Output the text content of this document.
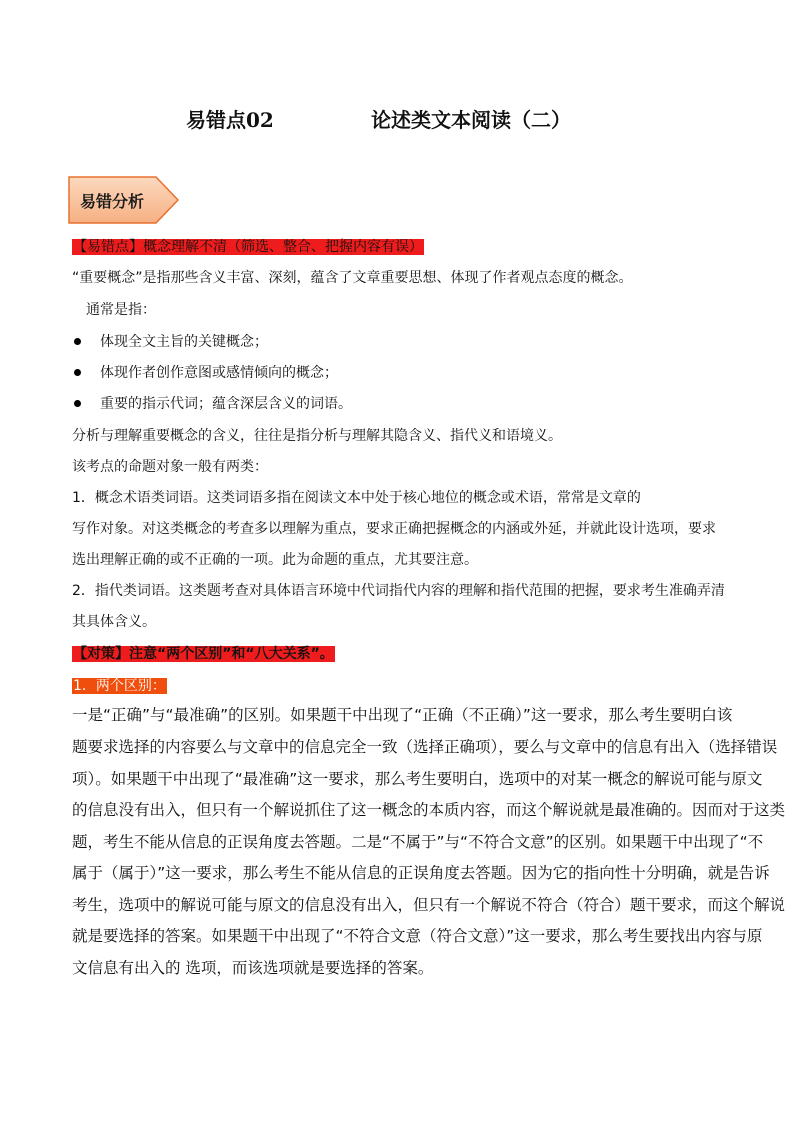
易错点02	论述类文本阅读（二）
易错分析
【易错点】概念理解不清（筛选、整合、把握内容有误）
“重要概念”是指那些含义丰富、深刻，蕴含了文章重要思想、体现了作者观点态度的概念。
通常是指：
体现全文主旨的关键概念；
体现作者创作意图或感情倾向的概念；
重要的指示代词；蕴含深层含义的词语。
分析与理解重要概念的含义，往往是指分析与理解其隐含义、指代义和语境义。
该考点的命题对象一般有两类：
1．概念术语类词语。这类词语多指在阅读文本中处于核心地位的概念或术语，常常是文章的
写作对象。对这类概念的考查多以理解为重点，要求正确把握概念的内涵或外延，并就此设计选项，要求
选出理解正确的或不正确的一项。此为命题的重点，尤其要注意。
2．指代类词语。这类题考查对具体语言环境中代词指代内容的理解和指代范围的把握，要求考生准确弄清
其具体含义。
【对策】注意“两个区别”和“八大关系”。
1．两个区别：
一是“正确”与“最准确”的区别。如果题干中出现了“正确（不正确）”这一要求，那么考生要明白该
题要求选择的内容要么与文章中的信息完全一致（选择正确项），要么与文章中的信息有出入（选择错误
项）。如果题干中出现了“最准确”这一要求，那么考生要明白，选项中的对某一概念的解说可能与原文
的信息没有出入，但只有一个解说抓住了这一概念的本质内容，而这个解说就是最准确的。因而对于这类
题，考生不能从信息的正误角度去答题。二是“不属于”与“不符合文意”的区别。如果题干中出现了“不
属于（属于）”这一要求，那么考生不能从信息的正误角度去答题。因为它的指向性十分明确，就是告诉
考生，选项中的解说可能与原文的信息没有出入，但只有一个解说不符合（符合）题干要求，而这个解说
就是要选择的答案。如果题干中出现了“不符合文意（符合文意）”这一要求，那么考生要找出内容与原
文信息有出入的 选项，而该选项就是要选择的答案。
